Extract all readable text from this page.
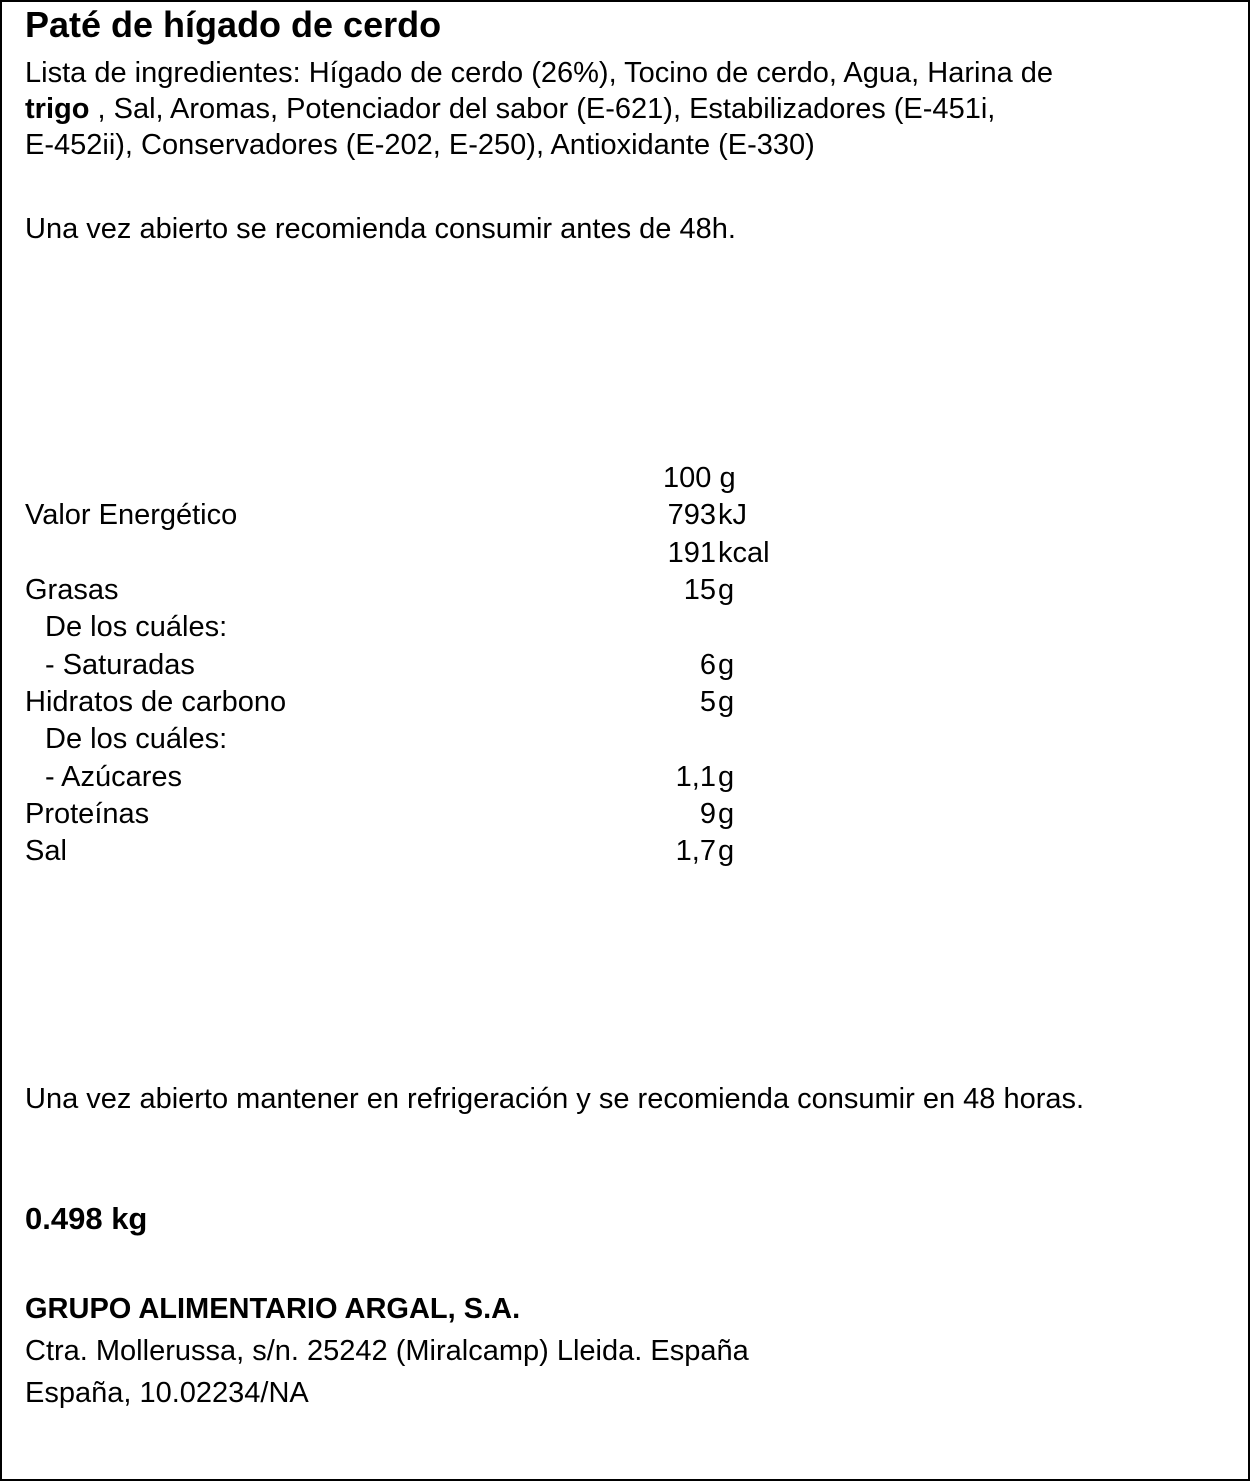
Paté de hígado de cerdo
Lista de ingredientes: Hígado de cerdo (26%), Tocino de cerdo, Agua, Harina de
trigo , Sal, Aromas, Potenciador del sabor (E-621), Estabilizadores (E-451i,
E-452ii), Conservadores (E-202, E-250), Antioxidante (E-330)
Una vez abierto se recomienda consumir antes de 48h.
100 g
Valor Energético	793 kJ
191 kcal
Grasas	15 g
De los cuáles:
- Saturadas	6 g
Hidratos de carbono	5 g
De los cuáles:
- Azúcares	1,1 g
Proteínas	9 g
Sal	1,7 g
Una vez abierto mantener en refrigeración y se recomienda consumir en 48 horas.
0.498 kg
GRUPO ALIMENTARIO ARGAL, S.A.
Ctra. Mollerussa, s/n. 25242 (Miralcamp) Lleida. España
España, 10.02234/NA
